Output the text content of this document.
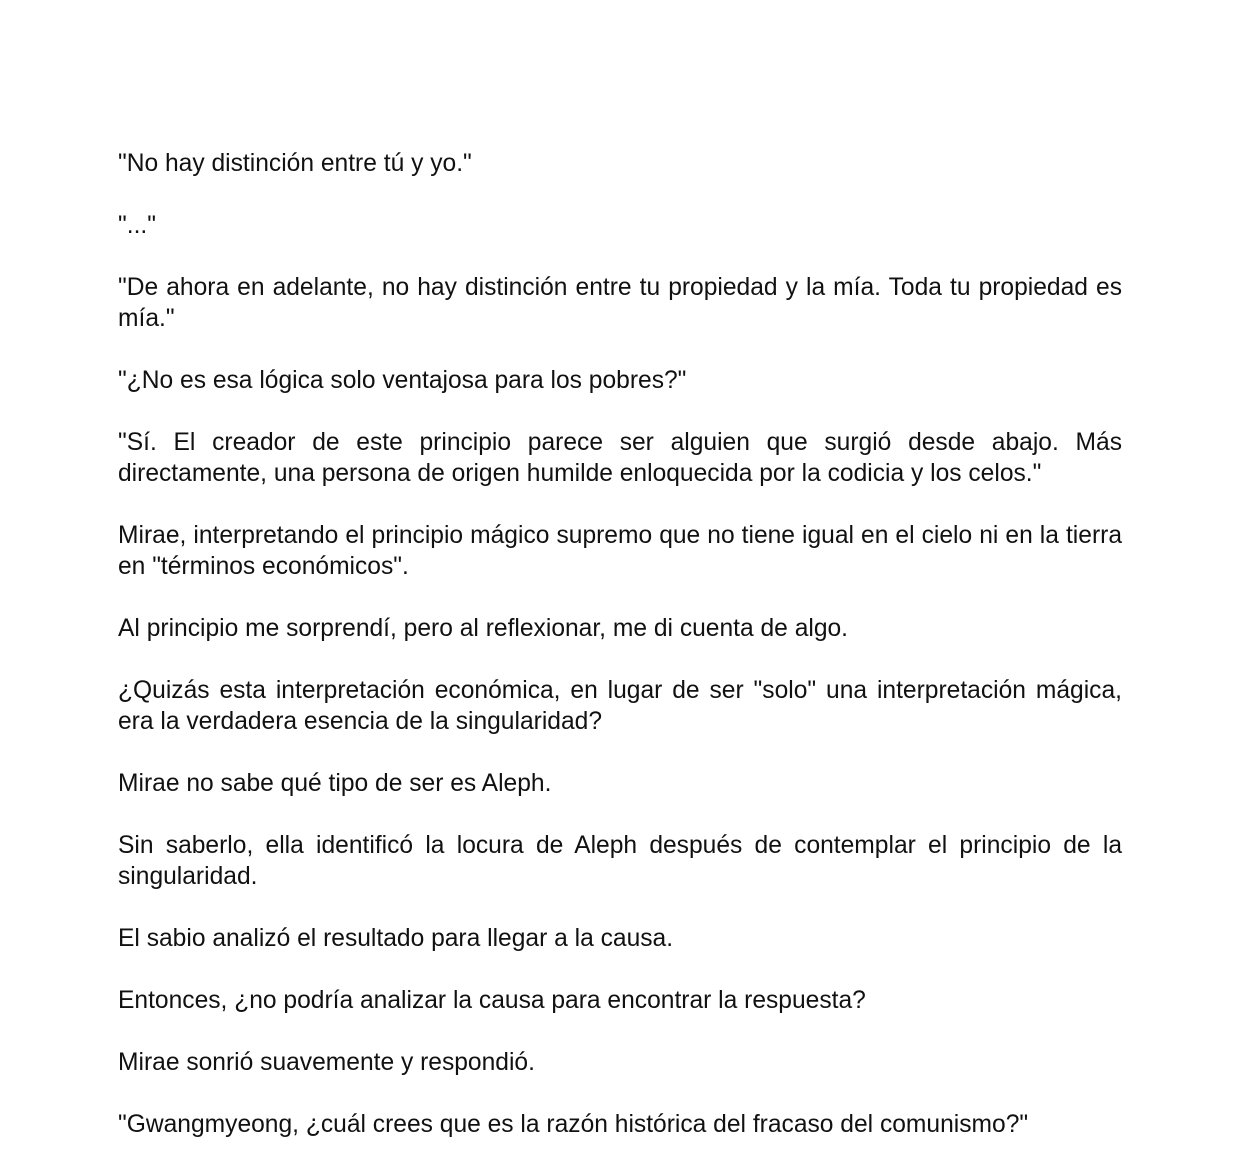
"No hay distinción entre tú y yo."

"..."

"De ahora en adelante, no hay distinción entre tu propiedad y la mía. Toda tu propiedad es mía."

"¿No es esa lógica solo ventajosa para los pobres?"

"Sí. El creador de este principio parece ser alguien que surgió desde abajo. Más directamente, una persona de origen humilde enloquecida por la codicia y los celos."

Mirae, interpretando el principio mágico supremo que no tiene igual en el cielo ni en la tierra en "términos económicos".

Al principio me sorprendí, pero al reflexionar, me di cuenta de algo.

¿Quizás esta interpretación económica, en lugar de ser "solo" una interpretación mágica, era la verdadera esencia de la singularidad?

Mirae no sabe qué tipo de ser es Aleph.

Sin saberlo, ella identificó la locura de Aleph después de contemplar el principio de la singularidad.

El sabio analizó el resultado para llegar a la causa.

Entonces, ¿no podría analizar la causa para encontrar la respuesta?

Mirae sonrió suavemente y respondió.

"Gwangmyeong, ¿cuál crees que es la razón histórica del fracaso del comunismo?"
